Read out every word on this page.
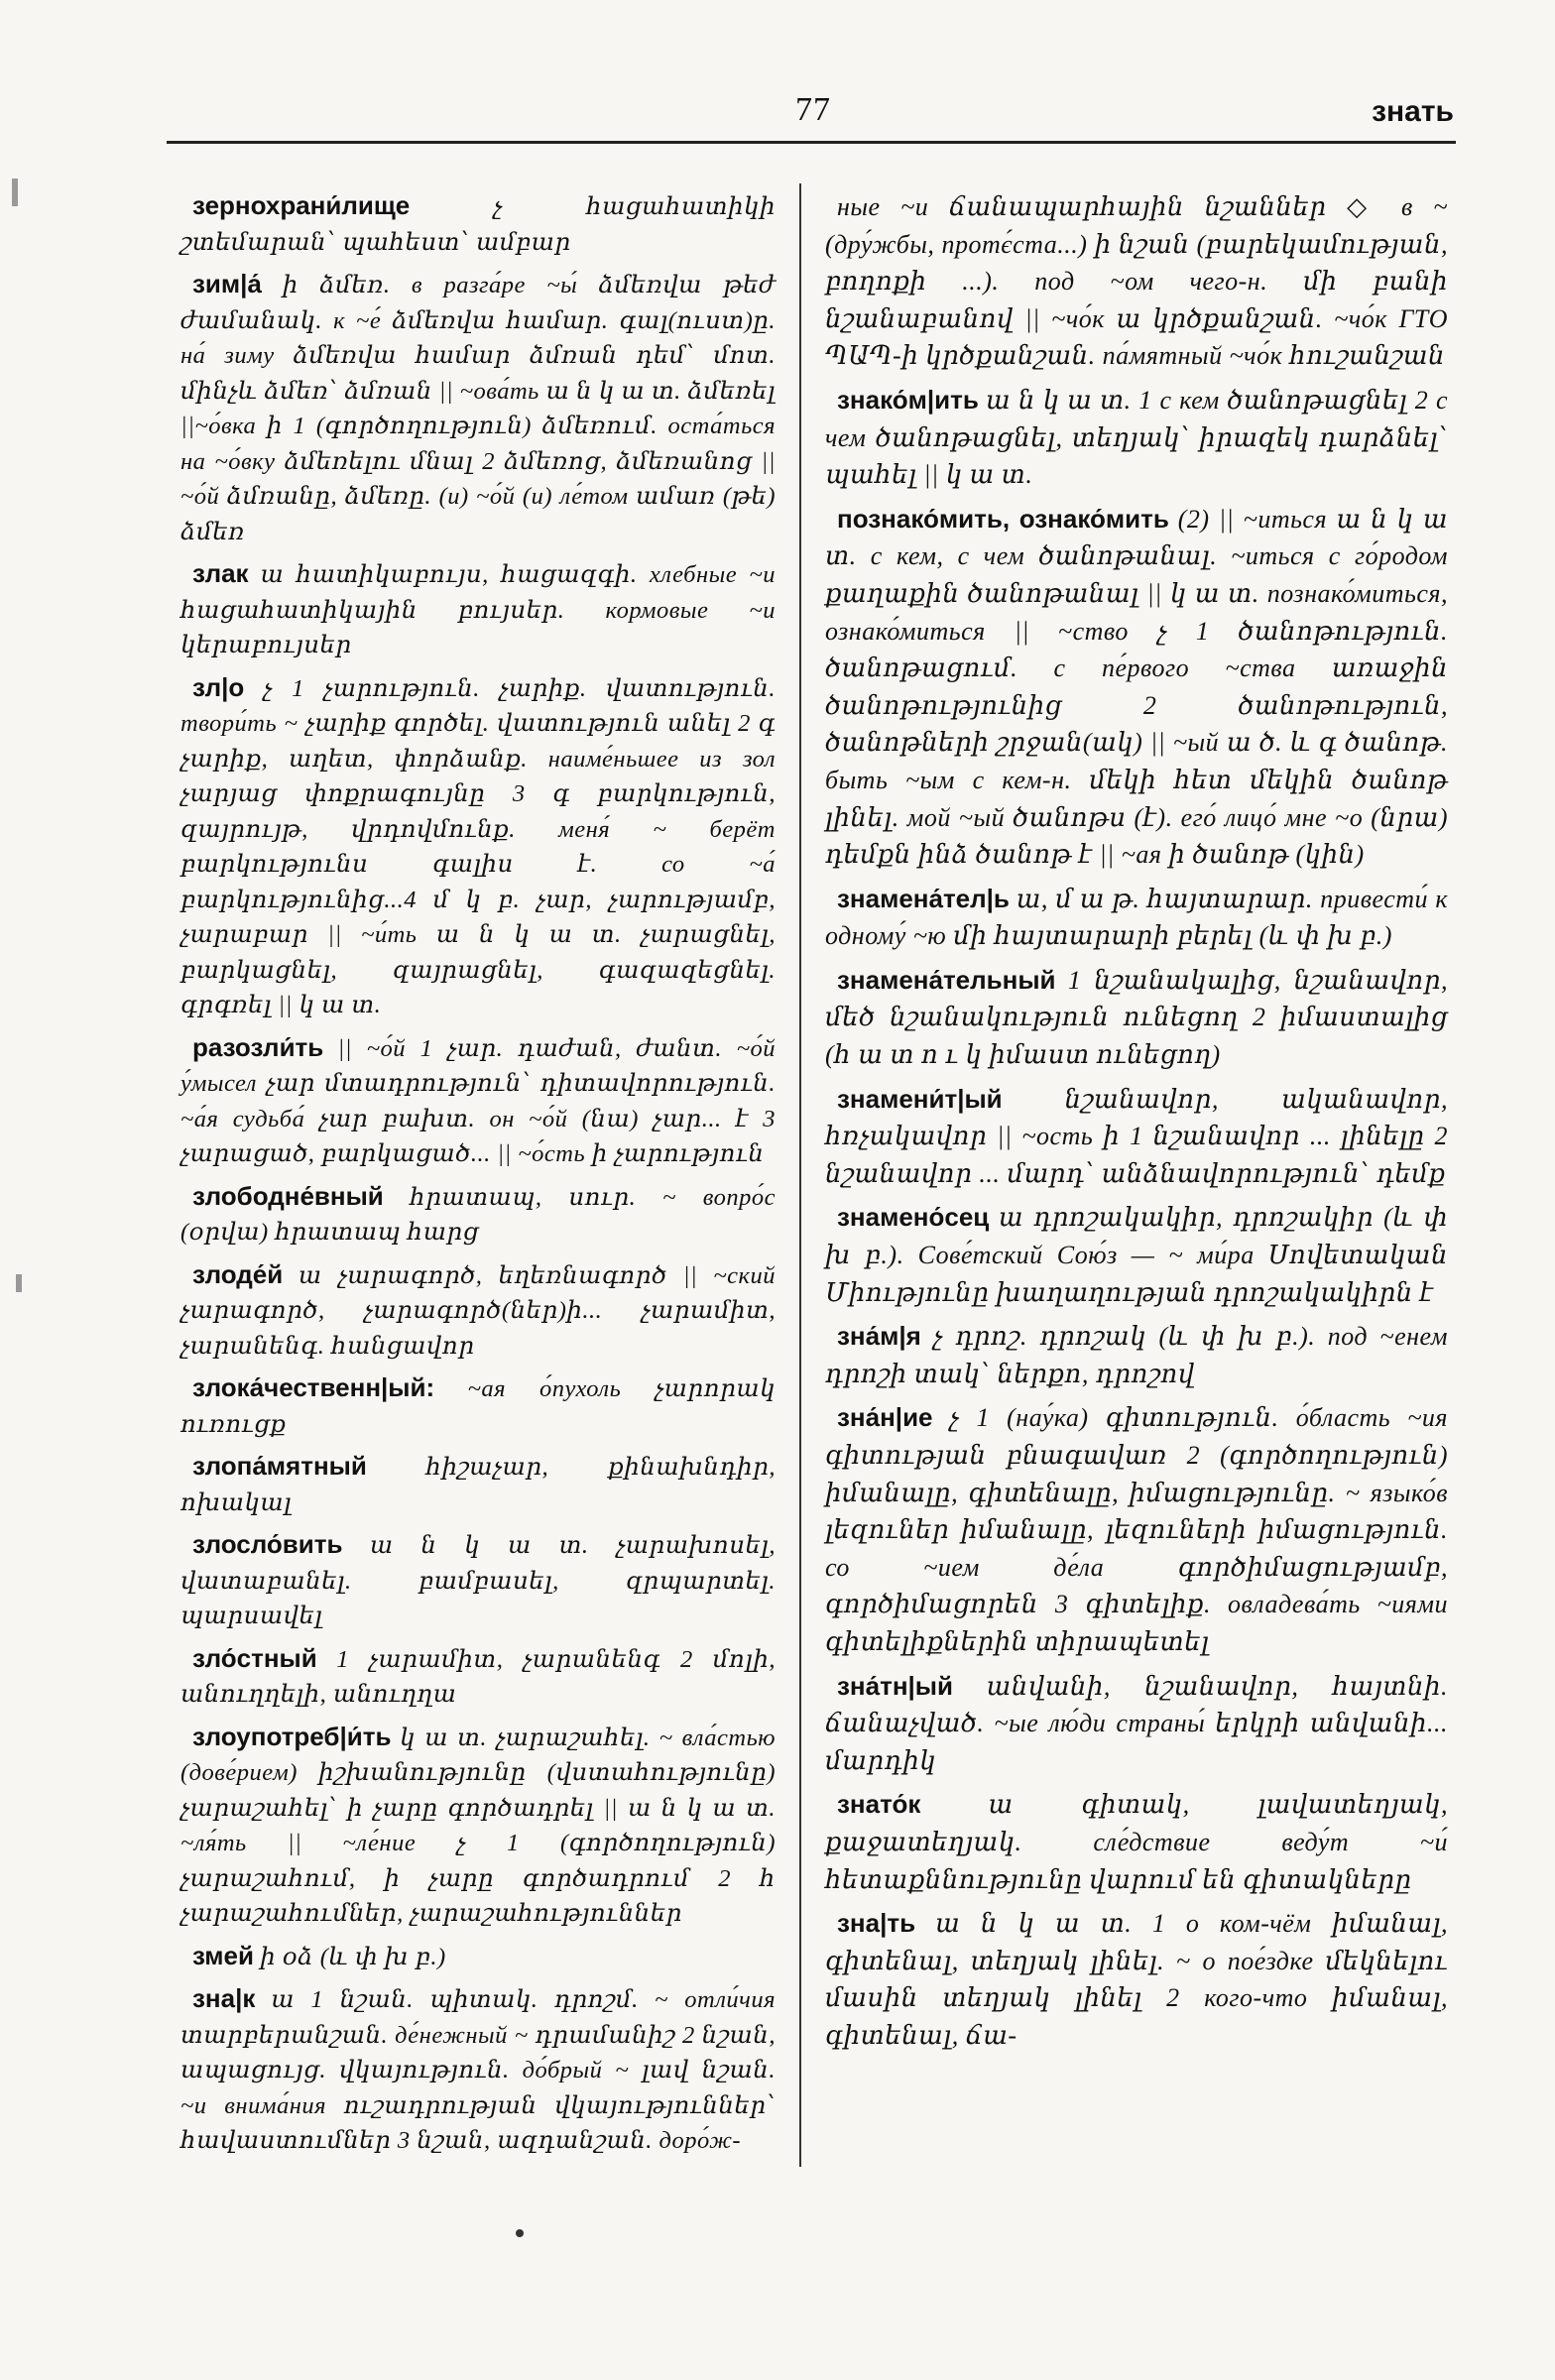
77	знать

зернохрани́лище	չ հացահատիկի շտեմարան՝ պահեստ՝ ամբար

зим|а́ ի ձմեռ. в разга́ре ~ы́ ձմեռվա թեժ ժամանակ. к ~е́ ձմեռվա համար. գալ(ուստ)ը. на́ зиму ձմեռվա համար ձմռան դեմ՝ մոտ. մինչև ձմեռ՝ ձմռան || ~ова́ть ա ն կ ա տ. ձմեռել ||~о́вка ի 1 (գործողություն) ձմեռում. оста́ться на ~о́вку ձմեռելու մնալ 2 ձմեռոց, ձմեռանոց || ~о́й ձմռանը, ձմեռը. (и) ~о́й (и) ле́том ամառ (թե) ձմեռ

злак ա հատիկաբույս, հացազգի. хлебные ~и հացահատիկային բույսեր. кормовые ~и կերաբույսեր

зл|о չ 1 չարություն. չարիք. վատություն. твори́ть ~ չարիք գործել. վատություն անել 2 գ չարիք, աղետ, փորձանք. наиме́ньшее из зол չարյաց փոքրագույնը 3 գ բարկություն, զայրույթ, վրդովմունք. меня́ ~ берёт բարկությունս գալիս է. со ~а́ բարկությունից...4 մ կ բ. չար, չարությամբ, չարաբար || ~и́ть ա ն կ ա տ. չարացնել, բարկացնել, զայրացնել, գազազեցնել. գրգռել || կ ա տ.

разозли́ть || ~о́й 1 չար. դաժան, ժանտ. ~о́й у́мысел չար մտադրություն՝ դիտավորություն. ~а́я судьба́ չար բախտ. он ~о́й (նա) չար... է 3 չարացած, բարկացած... || ~о́сть ի չարություն

злободне́вный հրատապ, սուր. ~ вопро́с (օրվա) հրատապ հարց

злоде́й ա չարագործ, եղեռնագործ || ~ский չարագործ, չարագործ(ներ)ի... չարամիտ, չարանենգ. հանցավոր

злока́чественн|ый: ~ая о́пухоль չարորակ ուռուցք

злопа́мятный հիշաչար, քինախնդիր, ոխակալ

злосло́вить ա ն կ ա տ. չարախոսել, վատաբանել. բամբասել, զրպարտել. պարսավել

зло́стный 1 չարամիտ, չարանենգ 2 մոլի, անուղղելի, անուղղա

злоупотреб|и́ть կ ա տ. չարաշահել. ~ вла́стью (дове́рием) իշխանությունը (վստահությունը) չարաշահել՝ ի չարը գործադրել || ա ն կ ա տ. ~ля́ть || ~ле́ние չ 1 (գործողություն) չարաշահում, ի չարը գործադրում 2 հ չարաշահումներ, չարաշահություններ

змей ի օձ (և փ խ բ.)

зна|к ա 1 նշան. պիտակ. դրոշմ. ~ отли́чия տարբերանշան. де́нежный ~ դրամանիշ 2 նշան, ապացույց. վկայություն. до́брый ~ լավ նշան. ~и внима́ния ուշադրության վկայություններ՝ հավաստումներ 3 նշան, ազդանշան. доро́ж-

ные ~и ճանապարհային նշաններ ◇ в ~ (дру́жбы, протє́ста...) ի նշան (բարեկամության, բողոքի ...). под ~ом чего-н. մի բանի նշանաբանով || ~чо́к ա կրծքանշան. ~чо́к ГТО ՊԱՊ-ի կրծքանշան. па́мятный ~чо́к հուշանշան

знако́м|ить ա ն կ ա տ. 1 с кем ծանոթացնել 2 с чем ծանոթացնել, տեղյակ՝ իրազեկ դարձնել՝ պահել || կ ա տ.

познако́мить, ознако́мить (2) || ~иться ա ն կ ա տ. с кем, с чем ծանոթանալ. ~иться с го́родом քաղաքին ծանոթանալ || կ ա տ. познако́миться, ознако́миться || ~ство չ 1 ծանոթություն. ծանոթացում. с пе́рвого ~ства առաջին ծանոթությունից 2 ծանոթություն, ծանոթների շրջան(ակ) || ~ый ա ծ. և գ ծանոթ. быть ~ым с кем-н. մեկի հետ մեկին ծանոթ լինել. мой ~ый ծանոթս (է). его́ лицо́ мне ~о (նրա) դեմքն ինձ ծանոթ է || ~ая ի ծանոթ (կին)

знамена́тел|ь ա, մ ա թ. հայտարար. привести́ к одному́ ~ю մի հայտարարի բերել (և փ խ բ.)

знамена́тельный 1 նշանակալից, նշանավոր, մեծ նշանակություն ունեցող 2 իմաստալից (հ ա տ ո ւ կ իմաստ ունեցող)

знамени́т|ый նշանավոր, ականավոր, հռչակավոր || ~ость ի 1 նշանավոր ... լինելը 2 նշանավոր ... մարդ՝ անձնավորություն՝ դեմք

знамено́сец ա դրոշակակիր, դրոշակիր (և փ խ բ.). Сове́тский Сою́з — ~ ми́ра Սովետական Միությունը խաղաղության դրոշակակիրն է

зна́м|я չ դրոշ. դրոշակ (և փ խ բ.). под ~енем դրոշի տակ՝ ներքո, դրոշով

зна́н|ие չ 1 (нау́ка) գիտություն. о́бласть ~ия գիտության բնագավառ 2 (գործողություն) իմանալը, գիտենալը, իմացությունը. ~ языко́в լեզուներ իմանալը, լեզուների իմացություն. со ~ием де́ла գործիմացությամբ, գործիմացորեն 3 գիտելիք. овладева́ть ~иями գիտելիքներին տիրապետել

зна́тн|ый անվանի, նշանավոր, հայտնի. ճանաչված. ~ые лю́ди страны́ երկրի անվանի... մարդիկ

знато́к	ա գիտակ, լավատեղյակ, քաջատեղյակ. сле́дствие веду́т ~и́ հետաքննությունը վարում են գիտակները

зна|ть ա ն կ ա տ. 1 о ком-чём իմանալ, գիտենալ, տեղյակ լինել. ~ о пое́здке մեկնելու մասին տեղյակ լինել 2 кого-что իմանալ, գիտենալ, ճա-
